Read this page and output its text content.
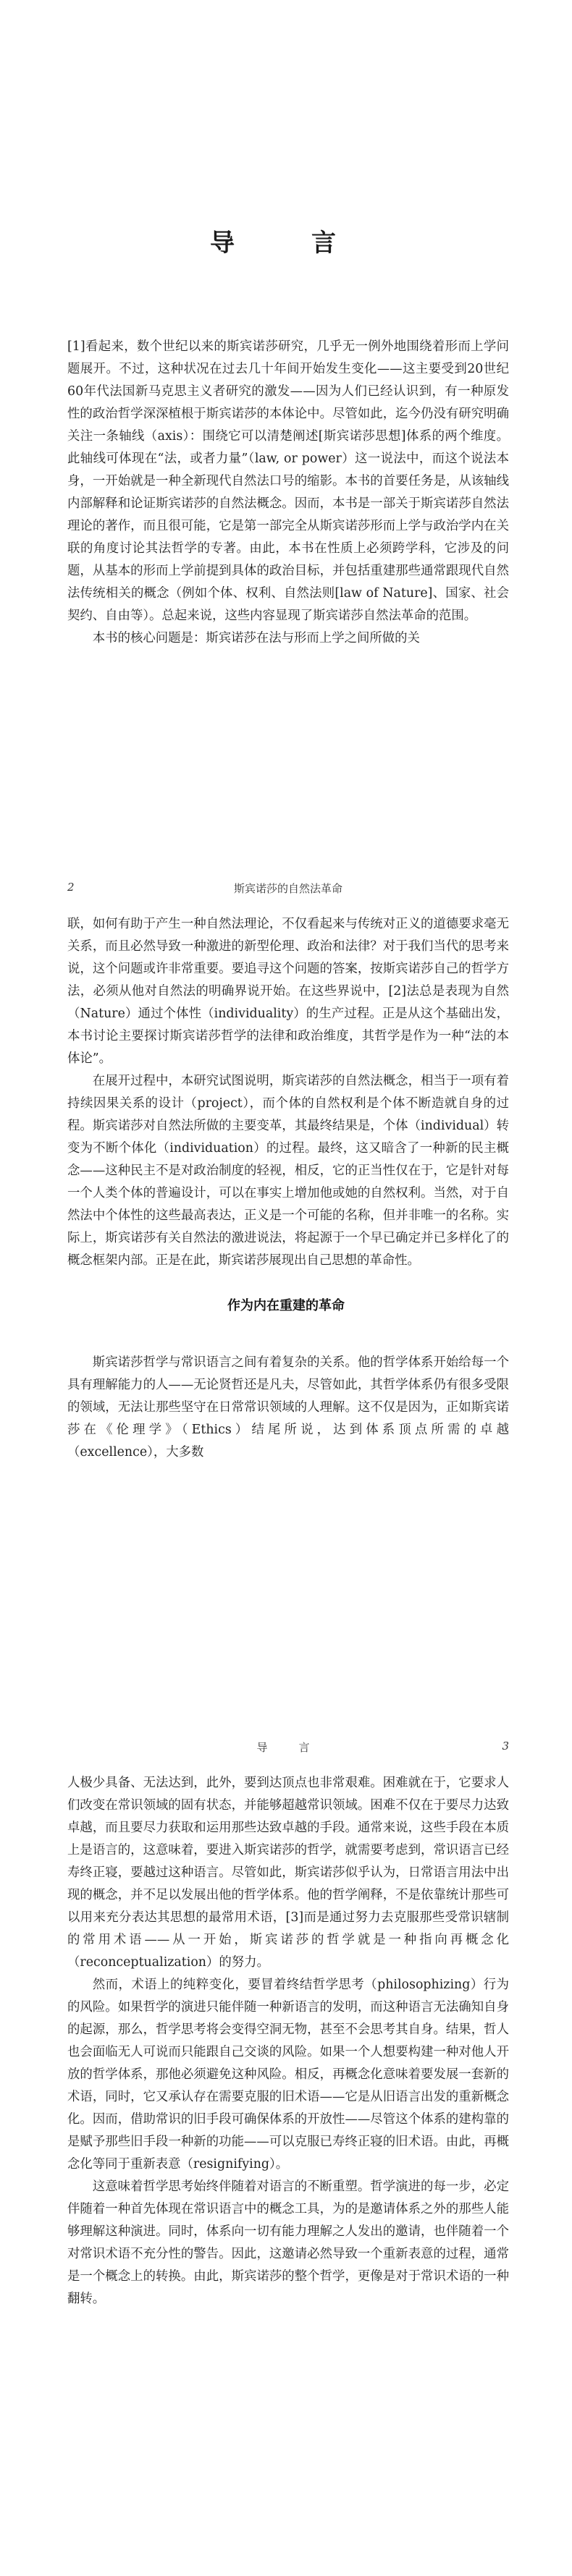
导　言

[1]看起来，数个世纪以来的斯宾诺莎研究，几乎无一例外地围绕着形而上学问题展开。不过，这种状况在过去几十年间开始发生变化——这主要受到20世纪60年代法国新马克思主义者研究的激发——因为人们已经认识到，有一种原发性的政治哲学深深植根于斯宾诺莎的本体论中。尽管如此，迄今仍没有研究明确关注一条轴线（axis）：围绕它可以清楚阐述[斯宾诺莎思想]体系的两个维度。此轴线可体现在“法，或者力量”（law, or power）这一说法中，而这个说法本身，一开始就是一种全新现代自然法口号的缩影。本书的首要任务是，从该轴线内部解释和论证斯宾诺莎的自然法概念。因而，本书是一部关于斯宾诺莎自然法理论的著作，而且很可能，它是第一部完全从斯宾诺莎形而上学与政治学内在关联的角度讨论其法哲学的专著。由此，本书在性质上必须跨学科，它涉及的问题，从基本的形而上学前提到具体的政治目标，并包括重建那些通常跟现代自然法传统相关的概念（例如个体、权利、自然法则[law of Nature]、国家、社会契约、自由等）。总起来说，这些内容显现了斯宾诺莎自然法革命的范围。

　　本书的核心问题是：斯宾诺莎在法与形而上学之间所做的关

2	斯宾诺莎的自然法革命

联，如何有助于产生一种自然法理论，不仅看起来与传统对正义的道德要求毫无关系，而且必然导致一种激进的新型伦理、政治和法律？对于我们当代的思考来说，这个问题或许非常重要。要追寻这个问题的答案，按斯宾诺莎自己的哲学方法，必须从他对自然法的明确界说开始。在这些界说中，[2]法总是表现为自然（Nature）通过个体性（individuality）的生产过程。正是从这个基础出发，本书讨论主要探讨斯宾诺莎哲学的法律和政治维度，其哲学是作为一种“法的本体论”。

在展开过程中，本研究试图说明，斯宾诺莎的自然法概念，相当于一项有着持续因果关系的设计（project），而个体的自然权利是个体不断造就自身的过程。斯宾诺莎对自然法所做的主要变革，其最终结果是，个体（individual）转变为不断个体化（individuation）的过程。最终，这又暗含了一种新的民主概念——这种民主不是对政治制度的轻视，相反，它的正当性仅在于，它是针对每一个人类个体的普遍设计，可以在事实上增加他或她的自然权利。当然，对于自然法中个体性的这些最高表达，正义是一个可能的名称，但并非唯一的名称。实际上，斯宾诺莎有关自然法的激进说法，将起源于一个早已确定并已多样化了的概念框架内部。正是在此，斯宾诺莎展现出自己思想的革命性。

作为内在重建的革命

斯宾诺莎哲学与常识语言之间有着复杂的关系。他的哲学体系开始给每一个具有理解能力的人——无论贤哲还是凡夫，尽管如此，其哲学体系仍有很多受限的领域，无法让那些坚守在日常常识领域的人理解。这不仅是因为，正如斯宾诺莎在《伦理学》（Ethics）结尾所说，达到体系顶点所需的卓越（excellence），大多数

导　言	3

人极少具备、无法达到，此外，要到达顶点也非常艰难。困难就在于，它要求人们改变在常识领域的固有状态，并能够超越常识领域。困难不仅在于要尽力达致卓越，而且要尽力获取和运用那些达致卓越的手段。通常来说，这些手段在本质上是语言的，这意味着，要进入斯宾诺莎的哲学，就需要考虑到，常识语言已经寿终正寝，要越过这种语言。尽管如此，斯宾诺莎似乎认为，日常语言用法中出现的概念，并不足以发展出他的哲学体系。他的哲学阐释，不是依靠统计那些可以用来充分表达其思想的最常用术语，[3]而是通过努力去克服那些受常识辖制的常用术语——从一开始，斯宾诺莎的哲学就是一种指向再概念化（reconceptualization）的努力。

然而，术语上的纯粹变化，要冒着终结哲学思考（philosophizing）行为的风险。如果哲学的演进只能伴随一种新语言的发明，而这种语言无法确知自身的起源，那么，哲学思考将会变得空洞无物，甚至不会思考其自身。结果，哲人也会面临无人可说而只能跟自己交谈的风险。如果一个人想要构建一种对他人开放的哲学体系，那他必须避免这种风险。相反，再概念化意味着要发展一套新的术语，同时，它又承认存在需要克服的旧术语——它是从旧语言出发的重新概念化。因而，借助常识的旧手段可确保体系的开放性——尽管这个体系的建构靠的是赋予那些旧手段一种新的功能——可以克服已寿终正寝的旧术语。由此，再概念化等同于重新表意（resignifying）。

这意味着哲学思考始终伴随着对语言的不断重塑。哲学演进的每一步，必定伴随着一种首先体现在常识语言中的概念工具，为的是邀请体系之外的那些人能够理解这种演进。同时，体系向一切有能力理解之人发出的邀请，也伴随着一个对常识术语不充分性的警告。因此，这邀请必然导致一个重新表意的过程，通常是一个概念上的转换。由此，斯宾诺莎的整个哲学，更像是对于常识术语的一种翻转。
